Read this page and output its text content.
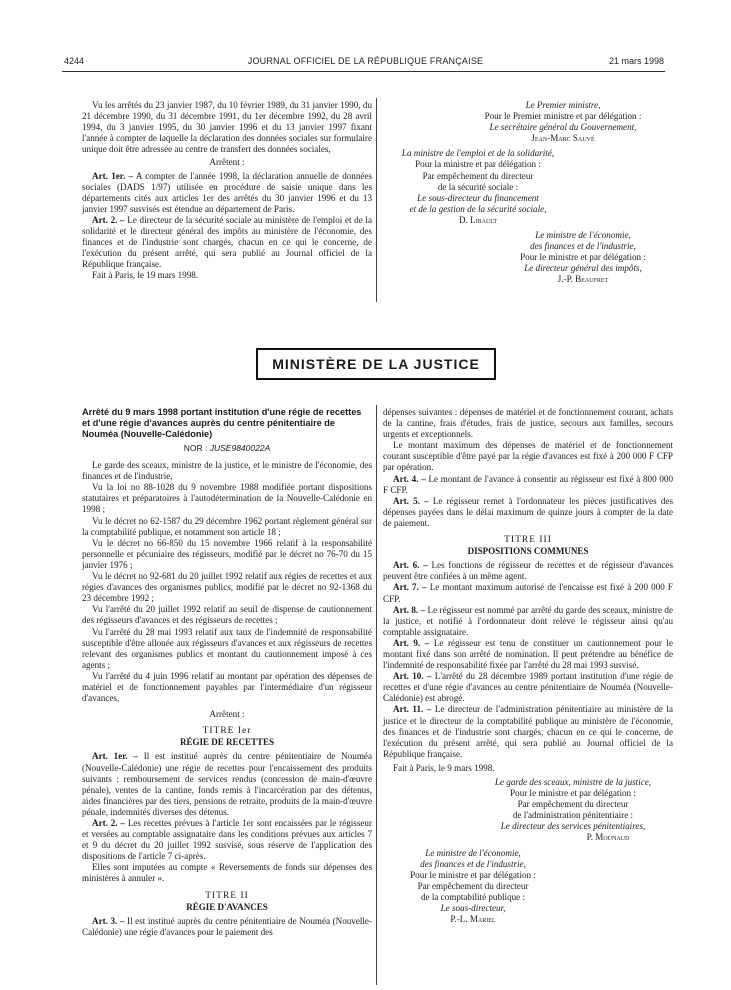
4244	JOURNAL OFFICIEL DE LA RÉPUBLIQUE FRANÇAISE	21 mars 1998

Vu les arrêtés du 23 janvier 1987, du 10 février 1989, du 31 janvier 1990, du 21 décembre 1990, du 31 décembre 1991, du 1er décembre 1992, du 28 avril 1994, du 3 janvier 1995, du 30 janvier 1996 et du 13 janvier 1997 fixant l'année à compter de laquelle la déclaration des données sociales sur formulaire unique doit être adressée au centre de transfert des données sociales,

Arrêtent :

Art. 1er. – A compter de l'année 1998, la déclaration annuelle de données sociales (DADS 1/97) utilisée en procédure de saisie unique dans les départements cités aux articles 1er des arrêtés du 30 janvier 1996 et du 13 janvier 1997 susvisés est étendue au département de Paris.

Art. 2. – Le directeur de la sécurité sociale au ministère de l'emploi et de la solidarité et le directeur général des impôts au ministère de l'économie, des finances et de l'industrie sont chargés, chacun en ce qui le concerne, de l'exécution du présent arrêté, qui sera publié au Journal officiel de la République française.

Fait à Paris, le 19 mars 1998.

Le Premier ministre,

Pour le Premier ministre et par délégation :

Le secrétaire général du Gouvernement,

Jean-Marc Sauvé

La ministre de l'emploi et de la solidarité,

Pour la ministre et par délégation :

Par empêchement du directeur

de la sécurité sociale :

Le sous-directeur du financement

et de la gestion de la sécurité sociale,

D. Libault

Le ministre de l'économie,

des finances et de l'industrie,

Pour le ministre et par délégation :

Le directeur général des impôts,

J.-P. Beaufret

MINISTÈRE DE LA JUSTICE

Arrêté du 9 mars 1998 portant institution d'une régie de recettes et d'une régie d'avances auprès du centre pénitentiaire de Nouméa (Nouvelle-Calédonie)

NOR : JUSE9840022A

Le garde des sceaux, ministre de la justice, et le ministre de l'économie, des finances et de l'industrie,

Vu la loi no 88-1028 du 9 novembre 1988 modifiée portant dispositions statutaires et préparatoires à l'autodétermination de la Nouvelle-Calédonie en 1998 ;

Vu le décret no 62-1587 du 29 décembre 1962 portant règlement général sur la comptabilité publique, et notamment son article 18 ;

Vu le décret no 66-850 du 15 novembre 1966 relatif à la responsabilité personnelle et pécuniaire des régisseurs, modifié par le décret no 76-70 du 15 janvier 1976 ;

Vu le décret no 92-681 du 20 juillet 1992 relatif aux régies de recettes et aux régies d'avances des organismes publics, modifié par le décret no 92-1368 du 23 décembre 1992 ;

Vu l'arrêté du 20 juillet 1992 relatif au seuil de dispense de cautionnement des régisseurs d'avances et des régisseurs de recettes ;

Vu l'arrêté du 28 mai 1993 relatif aux taux de l'indemnité de responsabilité susceptible d'être allouée aux régisseurs d'avances et aux régisseurs de recettes relevant des organismes publics et montant du cautionnement imposé à ces agents ;

Vu l'arrêté du 4 juin 1996 relatif au montant par opération des dépenses de matériel et de fonctionnement payables par l'intermédiaire d'un régisseur d'avances,

Arrêtent :

TITRE Ier

RÉGIE DE RECETTES

Art. 1er. – Il est institué auprès du centre pénitentiaire de Nouméa (Nouvelle-Calédonie) une régie de recettes pour l'encaissement des produits suivants : remboursement de services rendus (concession de main-d'œuvre pénale), ventes de la cantine, fonds remis à l'incarcération par des détenus, aides financières par des tiers, pensions de retraite, produits de la main-d'œuvre pénale, indemnités diverses des détenus.

Art. 2. – Les recettes prévues à l'article 1er sont encaissées par le régisseur et versées au comptable assignataire dans les conditions prévues aux articles 7 et 9 du décret du 20 juillet 1992 susvisé, sous réserve de l'application des dispositions de l'article 7 ci-après.

Elles sont imputées au compte « Reversements de fonds sur dépenses des ministères à annuler ».

TITRE II

RÉGIE D'AVANCES

Art. 3. – Il est institué auprès du centre pénitentiaire de Nouméa (Nouvelle-Calédonie) une régie d'avances pour le paiement des

dépenses suivantes : dépenses de matériel et de fonctionnement courant, achats de la cantine, frais d'études, frais de justice, secours aux familles, secours urgents et exceptionnels.

Le montant maximum des dépenses de matériel et de fonctionnement courant susceptible d'être payé par la régie d'avances est fixé à 200 000 F CFP par opération.

Art. 4. – Le montant de l'avance à consentir au régisseur est fixé à 800 000 F CFP.

Art. 5. – Le régisseur remet à l'ordonnateur les pièces justificatives des dépenses payées dans le délai maximum de quinze jours à compter de la date de paiement.

TITRE III

DISPOSITIONS COMMUNES

Art. 6. – Les fonctions de régisseur de recettes et de régisseur d'avances peuvent être confiées à un même agent.

Art. 7. – Le montant maximum autorisé de l'encaisse est fixé à 200 000 F CFP.

Art. 8. – Le régisseur est nommé par arrêté du garde des sceaux, ministre de la justice, et notifié à l'ordonnateur dont relève le régisseur ainsi qu'au comptable assignataire.

Art. 9. – Le régisseur est tenu de constituer un cautionnement pour le montant fixé dans son arrêté de nomination. Il peut prétendre au bénéfice de l'indemnité de responsabilité fixée par l'arrêté du 28 mai 1993 susvisé.

Art. 10. – L'arrêté du 28 décembre 1989 portant institution d'une régie de recettes et d'une régie d'avances au centre pénitentiaire de Nouméa (Nouvelle-Calédonie) est abrogé.

Art. 11. – Le directeur de l'administration pénitentiaire au ministère de la justice et le directeur de la comptabilité publique au ministère de l'économie, des finances et de l'industrie sont chargés, chacun en ce qui le concerne, de l'exécution du présent arrêté, qui sera publié au Journal officiel de la République française.

Fait à Paris, le 9 mars 1998.

Le garde des sceaux, ministre de la justice,

Pour le ministre et par délégation :

Par empêchement du directeur

de l'administration pénitentiaire :

Le directeur des services pénitentiaires,

P. Mounaud

Le ministre de l'économie,

des finances et de l'industrie,

Pour le ministre et par délégation :

Par empêchement du directeur

de la comptabilité publique :

Le sous-directeur,

P.-L. Mariel
